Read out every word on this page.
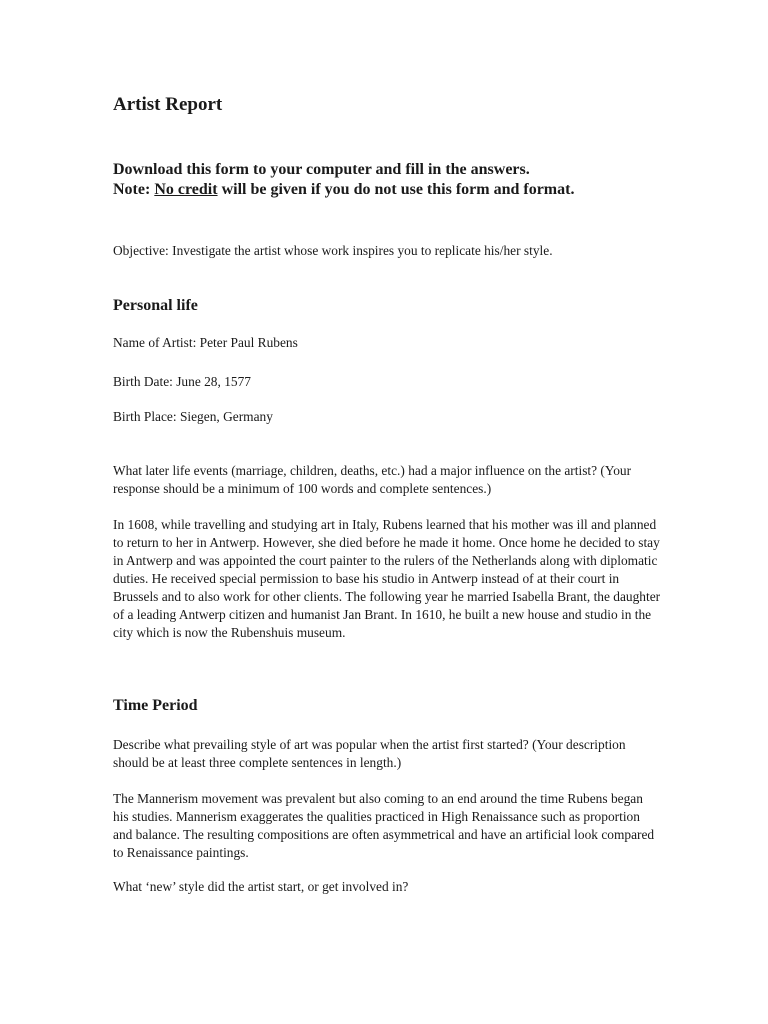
Artist Report
Download this form to your computer and fill in the answers.
Note: No credit will be given if you do not use this form and format.

Objective: Investigate the artist whose work inspires you to replicate his/her style.

Personal life

Name of Artist: Peter Paul Rubens

Birth Date: June 28, 1577

Birth Place: Siegen, Germany

What later life events (marriage, children, deaths, etc.) had a major influence on the artist? (Your response should be a minimum of 100 words and complete sentences.)

In 1608, while travelling and studying art in Italy, Rubens learned that his mother was ill and planned to return to her in Antwerp. However, she died before he made it home. Once home he decided to stay in Antwerp and was appointed the court painter to the rulers of the Netherlands along with diplomatic duties. He received special permission to base his studio in Antwerp instead of at their court in Brussels and to also work for other clients. The following year he married Isabella Brant, the daughter of a leading Antwerp citizen and humanist Jan Brant. In 1610, he built a new house and studio in the city which is now the Rubenshuis museum.

Time Period

Describe what prevailing style of art was popular when the artist first started? (Your description should be at least three complete sentences in length.)

The Mannerism movement was prevalent but also coming to an end around the time Rubens began his studies. Mannerism exaggerates the qualities practiced in High Renaissance such as proportion and balance. The resulting compositions are often asymmetrical and have an artificial look compared to Renaissance paintings.

What ‘new’ style did the artist start, or get involved in?
